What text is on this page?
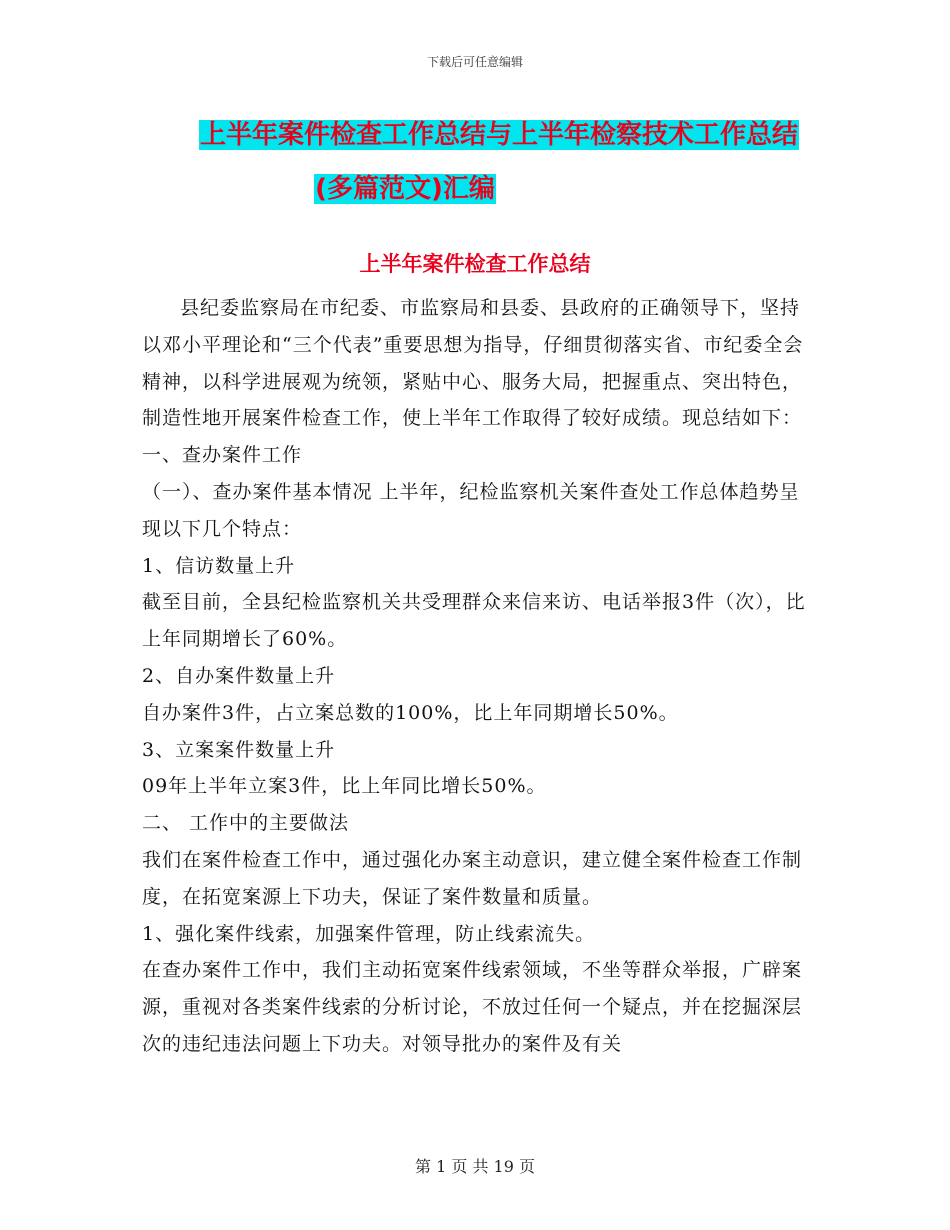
下载后可任意编辑
上半年案件检查工作总结与上半年检察技术工作总结
(多篇范文)汇编
上半年案件检查工作总结

县纪委监察局在市纪委、市监察局和县委、县政府的正确领导下，坚持以邓小平理论和“三个代表”重要思想为指导，仔细贯彻落实省、市纪委全会精神，以科学进展观为统领，紧贴中心、服务大局，把握重点、突出特色，制造性地开展案件检查工作，使上半年工作取得了较好成绩。现总结如下：

一、查办案件工作

（一）、查办案件基本情况 上半年，纪检监察机关案件查处工作总体趋势呈现以下几个特点：

1、信访数量上升

截至目前，全县纪检监察机关共受理群众来信来访、电话举报3件（次），比上年同期增长了60%。

2、自办案件数量上升

自办案件3件，占立案总数的100%，比上年同期增长50%。

3、立案案件数量上升

09年上半年立案3件，比上年同比增长50%。

二、 工作中的主要做法

我们在案件检查工作中，通过强化办案主动意识，建立健全案件检查工作制度，在拓宽案源上下功夫，保证了案件数量和质量。

1、强化案件线索，加强案件管理，防止线索流失。

在查办案件工作中，我们主动拓宽案件线索领域，不坐等群众举报，广辟案源，重视对各类案件线索的分析讨论，不放过任何一个疑点，并在挖掘深层次的违纪违法问题上下功夫。对领导批办的案件及有关

第 1 页 共 19 页
